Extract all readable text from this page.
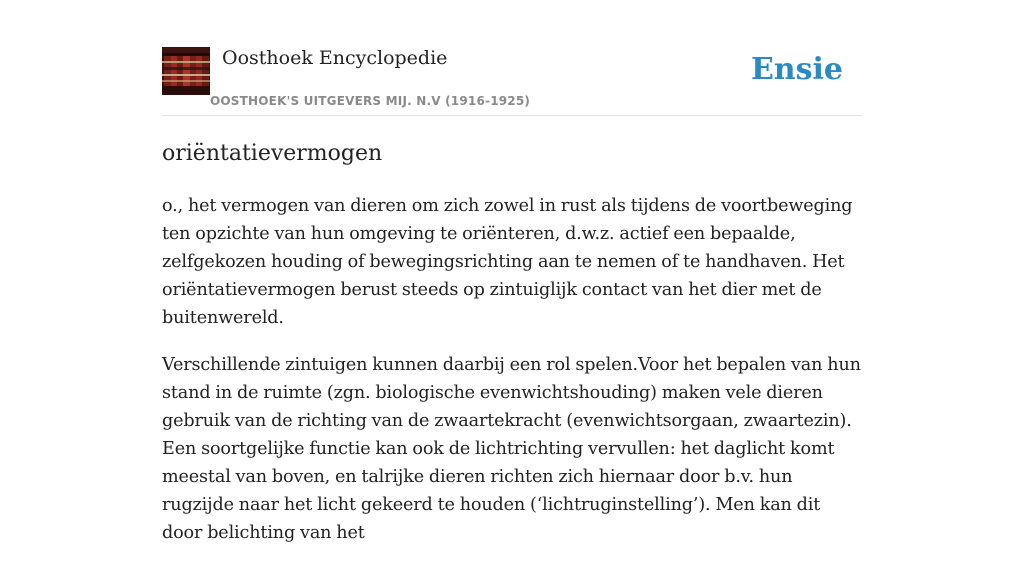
Oosthoek Encyclopedie
OOSTHOEK'S UITGEVERS MIJ. N.V (1916-1925)
Ensie
oriëntatievermogen

o., het vermogen van dieren om zich zowel in rust als tijdens de voortbeweging ten opzichte van hun omgeving te oriënteren, d.w.z. actief een bepaalde, zelfgekozen houding of bewegingsrichting aan te nemen of te handhaven. Het oriëntatievermogen berust steeds op zintuiglijk contact van het dier met de buitenwereld.

Verschillende zintuigen kunnen daarbij een rol spelen.Voor het bepalen van hun stand in de ruimte (zgn. biologische evenwichtshouding) maken vele dieren gebruik van de richting van de zwaartekracht (evenwichtsorgaan, zwaartezin). Een soortgelijke functie kan ook de lichtrichting vervullen: het daglicht komt meestal van boven, en talrijke dieren richten zich hiernaar door b.v. hun rugzijde naar het licht gekeerd te houden (‘lichtruginstelling’). Men kan dit door belichting van het
